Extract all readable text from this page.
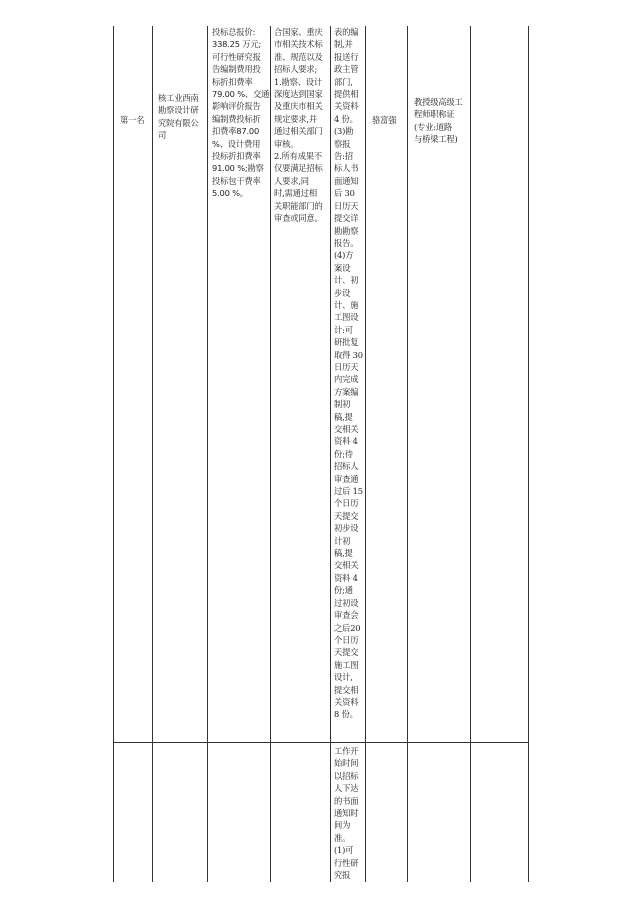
第一名
核工业西南
勘察设计研
究院有限公
司
投标总报价:
338.25 万元;
可行性研究报
告编制费用投
标折扣费率
79.00 %、交通
影响评价报告
编制费投标折
扣费率87.00
%、设计费用
投标折扣费率
91.00 %;勘察
投标包干费率
5.00 %。
合国家、重庆
市相关技术标
准、规范以及
招标人要求;
1.勘察、设计
深度达到国家
及重庆市相关
规定要求,并
通过相关部门
审核。
2.所有成果不
仅要满足招标
人要求,同
时,需通过相
关职能部门的
审查或同意。
表的编
制,并
报送行
政主管
部门,
提供相
关资料
4 份。
(3)勘
察报
告:招
标人书
面通知
后 30
日历天
提交详
勘勘察
报告。
(4)方
案设
计、初
步设
计、施
工图设
计:可
研批复
取得 30
日历天
内完成
方案编
制初
稿,提
交相关
资料 4
份;待
招标人
审查通
过后 15
个日历
天提交
初步设
计初
稿,提
交相关
资料 4
份;通
过初设
审查会
之后20
个日历
天提交
施工图
设计,
提交相
关资料
8 份。
骆富强
教授级高级工
程师职称证
(专业:道路
与桥梁工程)
工作开
始时间
以招标
人下达
的书面
通知时
间为
准。
(1)可
行性研
究报
